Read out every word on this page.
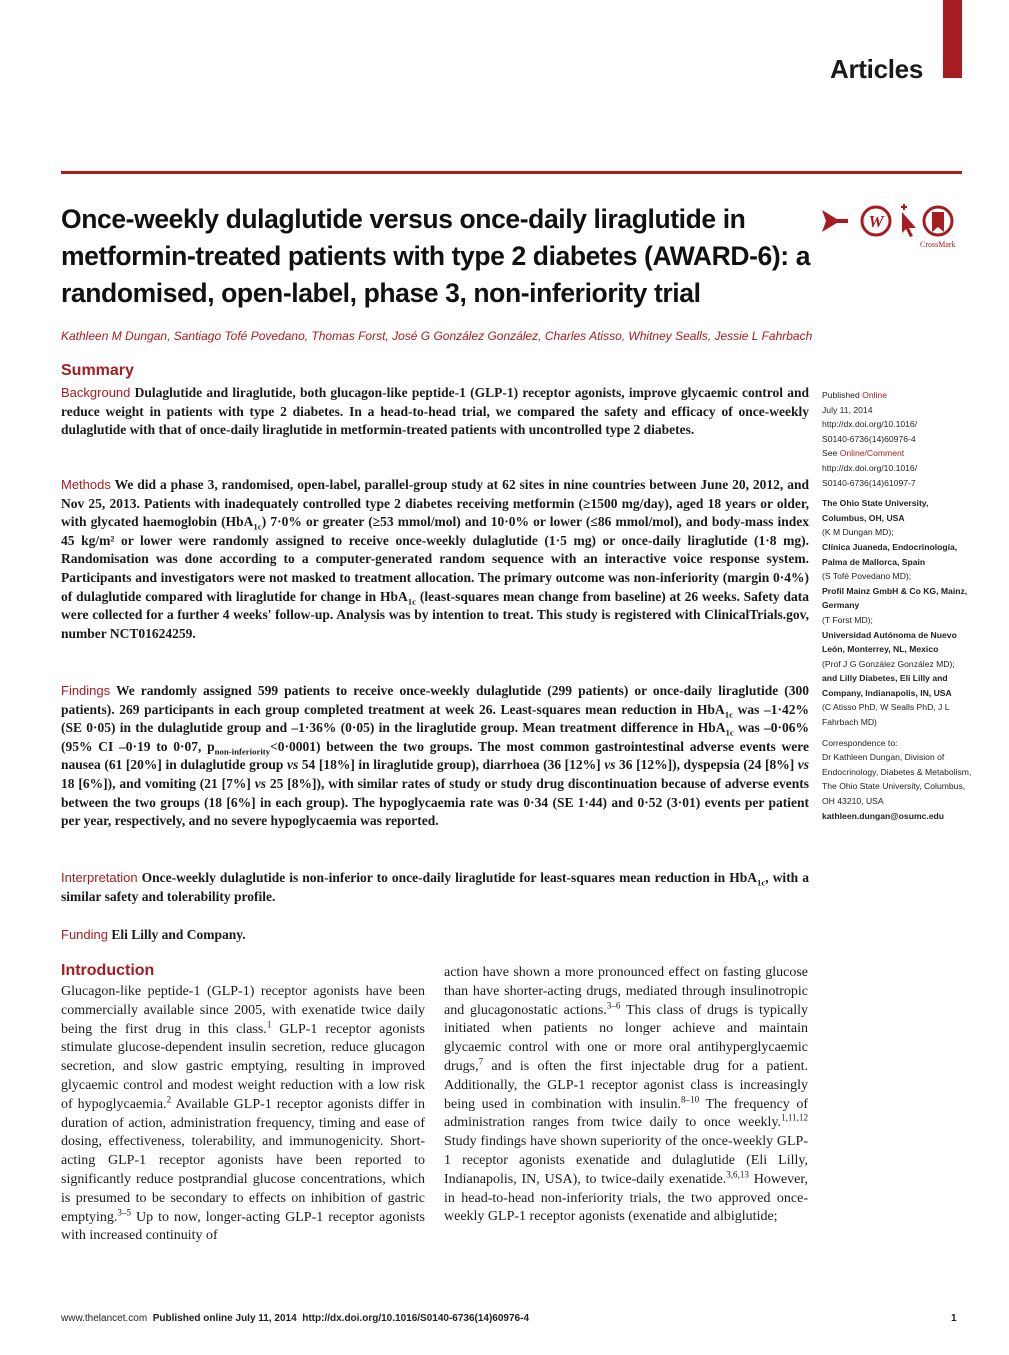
Articles
Once-weekly dulaglutide versus once-daily liraglutide in metformin-treated patients with type 2 diabetes (AWARD-6): a randomised, open-label, phase 3, non-inferiority trial
W
CrossMark
Kathleen M Dungan, Santiago Tofé Povedano, Thomas Forst, José G González González, Charles Atisso, Whitney Sealls, Jessie L Fahrbach
Summary

Background Dulaglutide and liraglutide, both glucagon-like peptide-1 (GLP-1) receptor agonists, improve glycaemic control and reduce weight in patients with type 2 diabetes. In a head-to-head trial, we compared the safety and efficacy of once-weekly dulaglutide with that of once-daily liraglutide in metformin-treated patients with uncontrolled type 2 diabetes.

Methods We did a phase 3, randomised, open-label, parallel-group study at 62 sites in nine countries between June 20, 2012, and Nov 25, 2013. Patients with inadequately controlled type 2 diabetes receiving metformin (≥1500 mg/day), aged 18 years or older, with glycated haemoglobin (HbA$_{1c}$) 7·0% or greater (≥53 mmol/mol) and 10·0% or lower (≤86 mmol/mol), and body-mass index 45 kg/m² or lower were randomly assigned to receive once-weekly dulaglutide (1·5 mg) or once-daily liraglutide (1·8 mg). Randomisation was done according to a computer-generated random sequence with an interactive voice response system. Participants and investigators were not masked to treatment allocation. The primary outcome was non-inferiority (margin 0·4%) of dulaglutide compared with liraglutide for change in HbA$_{1c}$ (least-squares mean change from baseline) at 26 weeks. Safety data were collected for a further 4 weeks' follow-up. Analysis was by intention to treat. This study is registered with ClinicalTrials.gov, number NCT01624259.

Findings We randomly assigned 599 patients to receive once-weekly dulaglutide (299 patients) or once-daily liraglutide (300 patients). 269 participants in each group completed treatment at week 26. Least-squares mean reduction in HbA$_{1c}$ was –1·42% (SE 0·05) in the dulaglutide group and –1·36% (0·05) in the liraglutide group. Mean treatment difference in HbA$_{1c}$ was –0·06% (95% CI –0·19 to 0·07, $p_{non-inferiority}<0\cdot 0001$) between the two groups. The most common gastrointestinal adverse events were nausea (61 [20%] in dulaglutide group vs 54 [18%] in liraglutide group), diarrhoea (36 [12%] vs 36 [12%]), dyspepsia (24 [8%] vs 18 [6%]), and vomiting (21 [7%] vs 25 [8%]), with similar rates of study or study drug discontinuation because of adverse events between the two groups (18 [6%] in each group). The hypoglycaemia rate was 0·34 (SE 1·44) and 0·52 (3·01) events per patient per year, respectively, and no severe hypoglycaemia was reported.

Interpretation Once-weekly dulaglutide is non-inferior to once-daily liraglutide for least-squares mean reduction in HbA$_{1c}$, with a similar safety and tolerability profile.

Funding Eli Lilly and Company.

Published Online

July 11, 2014

http://dx.doi.org/10.1016/

S0140-6736(14)60976-4

See Online/Comment

http://dx.doi.org/10.1016/

S0140-6736(14)61097-7

The Ohio State University, Columbus, OH, USA

(K M Dungan MD);

Clínica Juaneda, Endocrinología, Palma de Mallorca, Spain

(S Tofé Povedano MD);

Profil Mainz GmbH & Co KG, Mainz, Germany

(T Forst MD);

Universidad Autónoma de Nuevo León, Monterrey, NL, Mexico

(Prof J G González González MD);

and Lilly Diabetes, Eli Lilly and Company, Indianapolis, IN, USA

(C Atisso PhD, W Sealls PhD, J L Fahrbach MD)

Correspondence to:

Dr Kathleen Dungan, Division of Endocrinology, Diabetes & Metabolism, The Ohio State University, Columbus, OH 43210, USA

kathleen.dungan@osumc.edu

Introduction

Glucagon-like peptide-1 (GLP-1) receptor agonists have been commercially available since 2005, with exenatide twice daily being the first drug in this class.$^1$ GLP-1 receptor agonists stimulate glucose-dependent insulin secretion, reduce glucagon secretion, and slow gastric emptying, resulting in improved glycaemic control and modest weight reduction with a low risk of hypoglycaemia.$^2$ Available GLP-1 receptor agonists differ in duration of action, administration frequency, timing and ease of dosing, effectiveness, tolerability, and immunogenicity. Short-acting GLP-1 receptor agonists have been reported to significantly reduce postprandial glucose concentrations, which is presumed to be secondary to effects on inhibition of gastric emptying.$^{3-5}$ Up to now, longer-acting GLP-1 receptor agonists with increased continuity of

action have shown a more pronounced effect on fasting glucose than have shorter-acting drugs, mediated through insulinotropic and glucagonostatic actions.$^{3-6}$ This class of drugs is typically initiated when patients no longer achieve and maintain glycaemic control with one or more oral antihyperglycaemic drugs,$^7$ and is often the first injectable drug for a patient. Additionally, the GLP-1 receptor agonist class is increasingly being used in combination with insulin.$^{8-10}$ The frequency of administration ranges from twice daily to once weekly.$^{1,11,12}$ Study findings have shown superiority of the once-weekly GLP-1 receptor agonists exenatide and dulaglutide (Eli Lilly, Indianapolis, IN, USA), to twice-daily exenatide.$^{3,6,13}$ However, in head-to-head non-inferiority trials, the two approved once-weekly GLP-1 receptor agonists (exenatide and albiglutide;

www.thelancet.com Published online July 11, 2014 http://dx.doi.org/10.1016/S0140-6736(14)60976-4	1
